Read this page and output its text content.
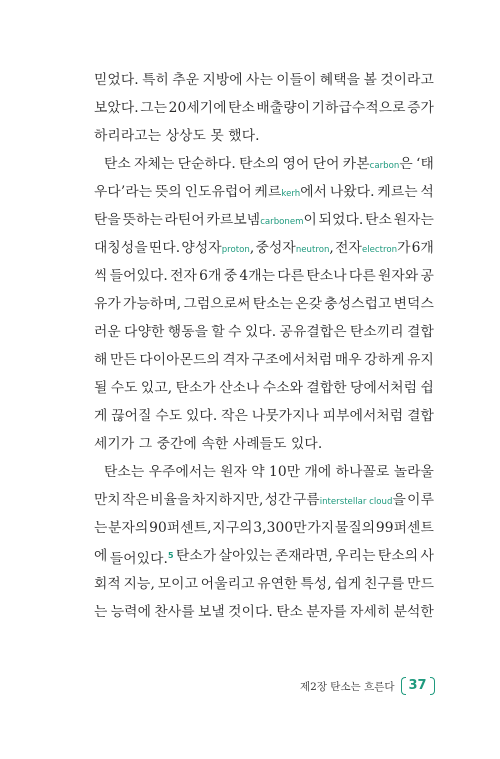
믿었다. 특히 추운 지방에 사는 이들이 혜택을 볼 것이라고
보았다. 그는 20세기에 탄소 배출량이 기하급수적으로 증가
하리라고는 상상도 못 했다.
탄소 자체는 단순하다. 탄소의 영어 단어 카본carbon은 ‘태
우다’라는 뜻의 인도유럽어 케르kerh에서 나왔다. 케르는 석
탄을 뜻하는 라틴어 카르보넴carbonem이 되었다. 탄소 원자는
대칭성을 띤다. 양성자proton, 중성자neutron, 전자electron가 6개
씩 들어있다. 전자 6개 중 4개는 다른 탄소나 다른 원자와 공
유가 가능하며, 그럼으로써 탄소는 온갖 충성스럽고 변덕스
러운 다양한 행동을 할 수 있다. 공유결합은 탄소끼리 결합
해 만든 다이아몬드의 격자 구조에서처럼 매우 강하게 유지
될 수도 있고, 탄소가 산소나 수소와 결합한 당에서처럼 쉽
게 끊어질 수도 있다. 작은 나뭇가지나 피부에서처럼 결합
세기가 그 중간에 속한 사례들도 있다.
탄소는 우주에서는 원자 약 10만 개에 하나꼴로 놀라울
만치 작은 비율을 차지하지만, 성간 구름interstellar cloud을 이루
는 분자의 90퍼센트, 지구의 3,300만 가지 물질의 99퍼센트
에 들어있다.$^5$ 탄소가 살아있는 존재라면, 우리는 탄소의 사
회적 지능, 모이고 어울리고 유연한 특성, 쉽게 친구를 만드
는 능력에 찬사를 보낼 것이다. 탄소 분자를 자세히 분석한
제2장 탄소는 흐른다	37
